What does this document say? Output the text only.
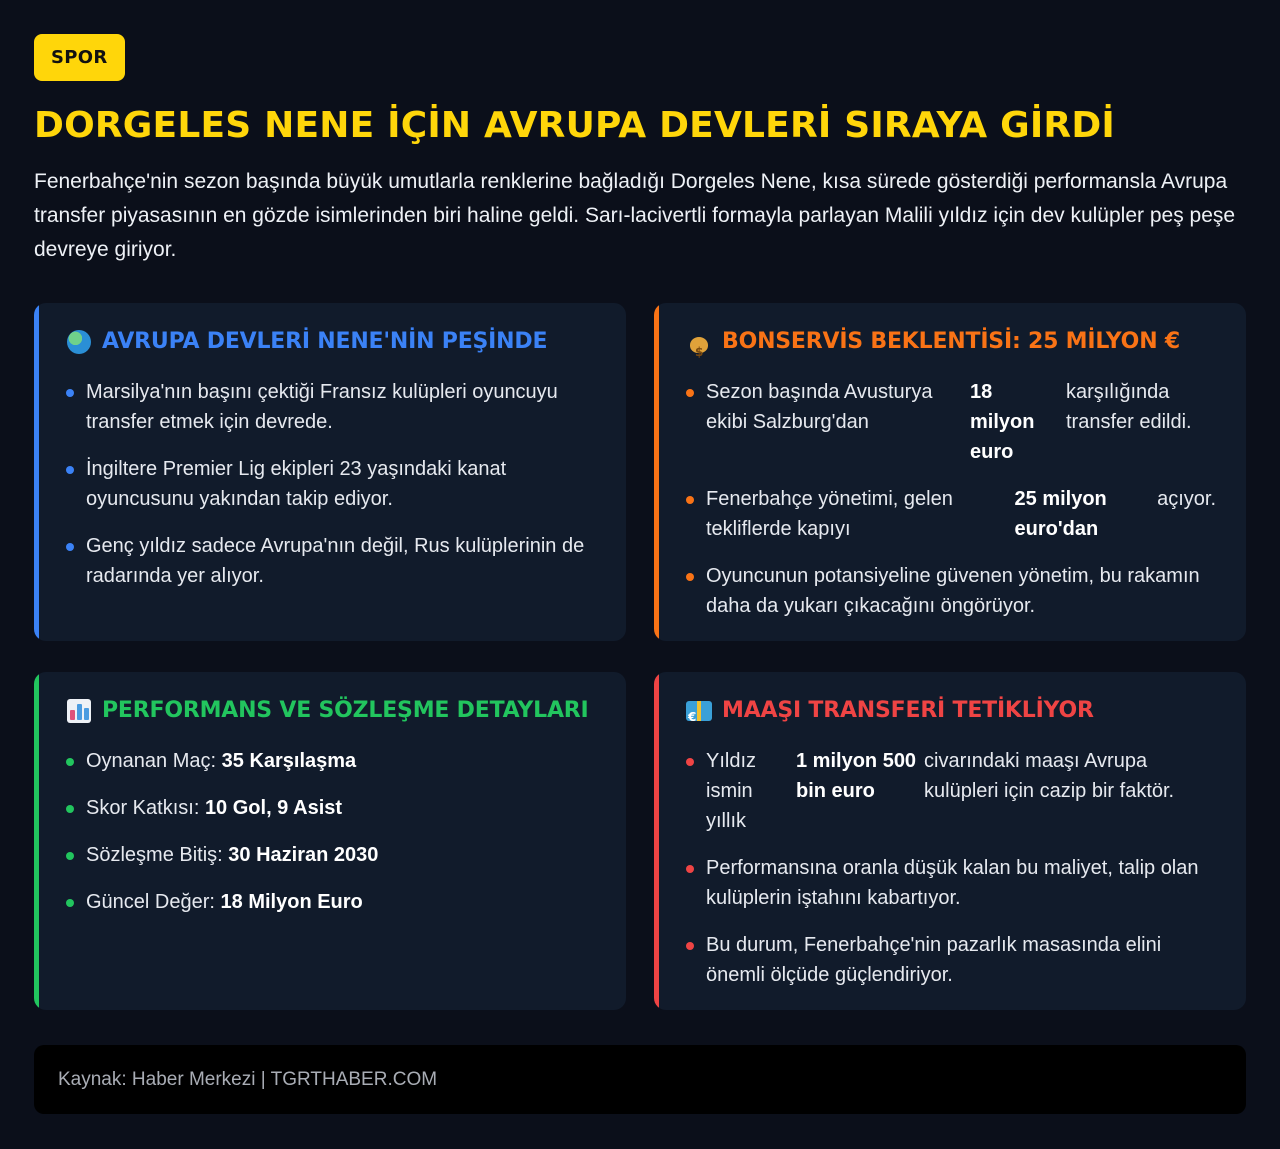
SPOR
DORGELES NENE İÇİN AVRUPA DEVLERİ SIRAYA GİRDİ

Fenerbahçe'nin sezon başında büyük umutlarla renklerine bağladığı Dorgeles Nene, kısa sürede gösterdiği performansla Avrupa transfer piyasasının en gözde isimlerinden biri haline geldi. Sarı-lacivertli formayla parlayan Malili yıldız için dev kulüpler peş peşe devreye giriyor.

AVRUPA DEVLERİ NENE'NİN PEŞİNDE
Marsilya'nın başını çektiği Fransız kulüpleri oyuncuyu transfer etmek için devrede.
İngiltere Premier Lig ekipleri 23 yaşındaki kanat oyuncusunu yakından takip ediyor.
Genç yıldız sadece Avrupa'nın değil, Rus kulüplerinin de radarında yer alıyor.
$
BONSERVİS BEKLENTİSİ: 25 MİLYON €
Sezon başında Avusturya ekibi Salzburg'dan
18 milyon euro
karşılığında transfer edildi.
Fenerbahçe yönetimi, gelen tekliflerde kapıyı
25 milyon euro'dan
açıyor.
Oyuncunun potansiyeline güvenen yönetim, bu rakamın daha da yukarı çıkacağını öngörüyor.
PERFORMANS VE SÖZLEŞME DETAYLARI
Oynanan Maç: 35 Karşılaşma
Skor Katkısı: 10 Gol, 9 Asist
Sözleşme Bitiş: 30 Haziran 2030
Güncel Değer: 18 Milyon Euro
€
MAAŞI TRANSFERİ TETİKLİYOR
Yıldız ismin yıllık
1 milyon 500 bin euro
civarındaki maaşı Avrupa kulüpleri için cazip bir faktör.
Performansına oranla düşük kalan bu maliyet, talip olan kulüplerin iştahını kabartıyor.
Bu durum, Fenerbahçe'nin pazarlık masasında elini önemli ölçüde güçlendiriyor.
Kaynak: Haber Merkezi | TGRTHABER.COM
